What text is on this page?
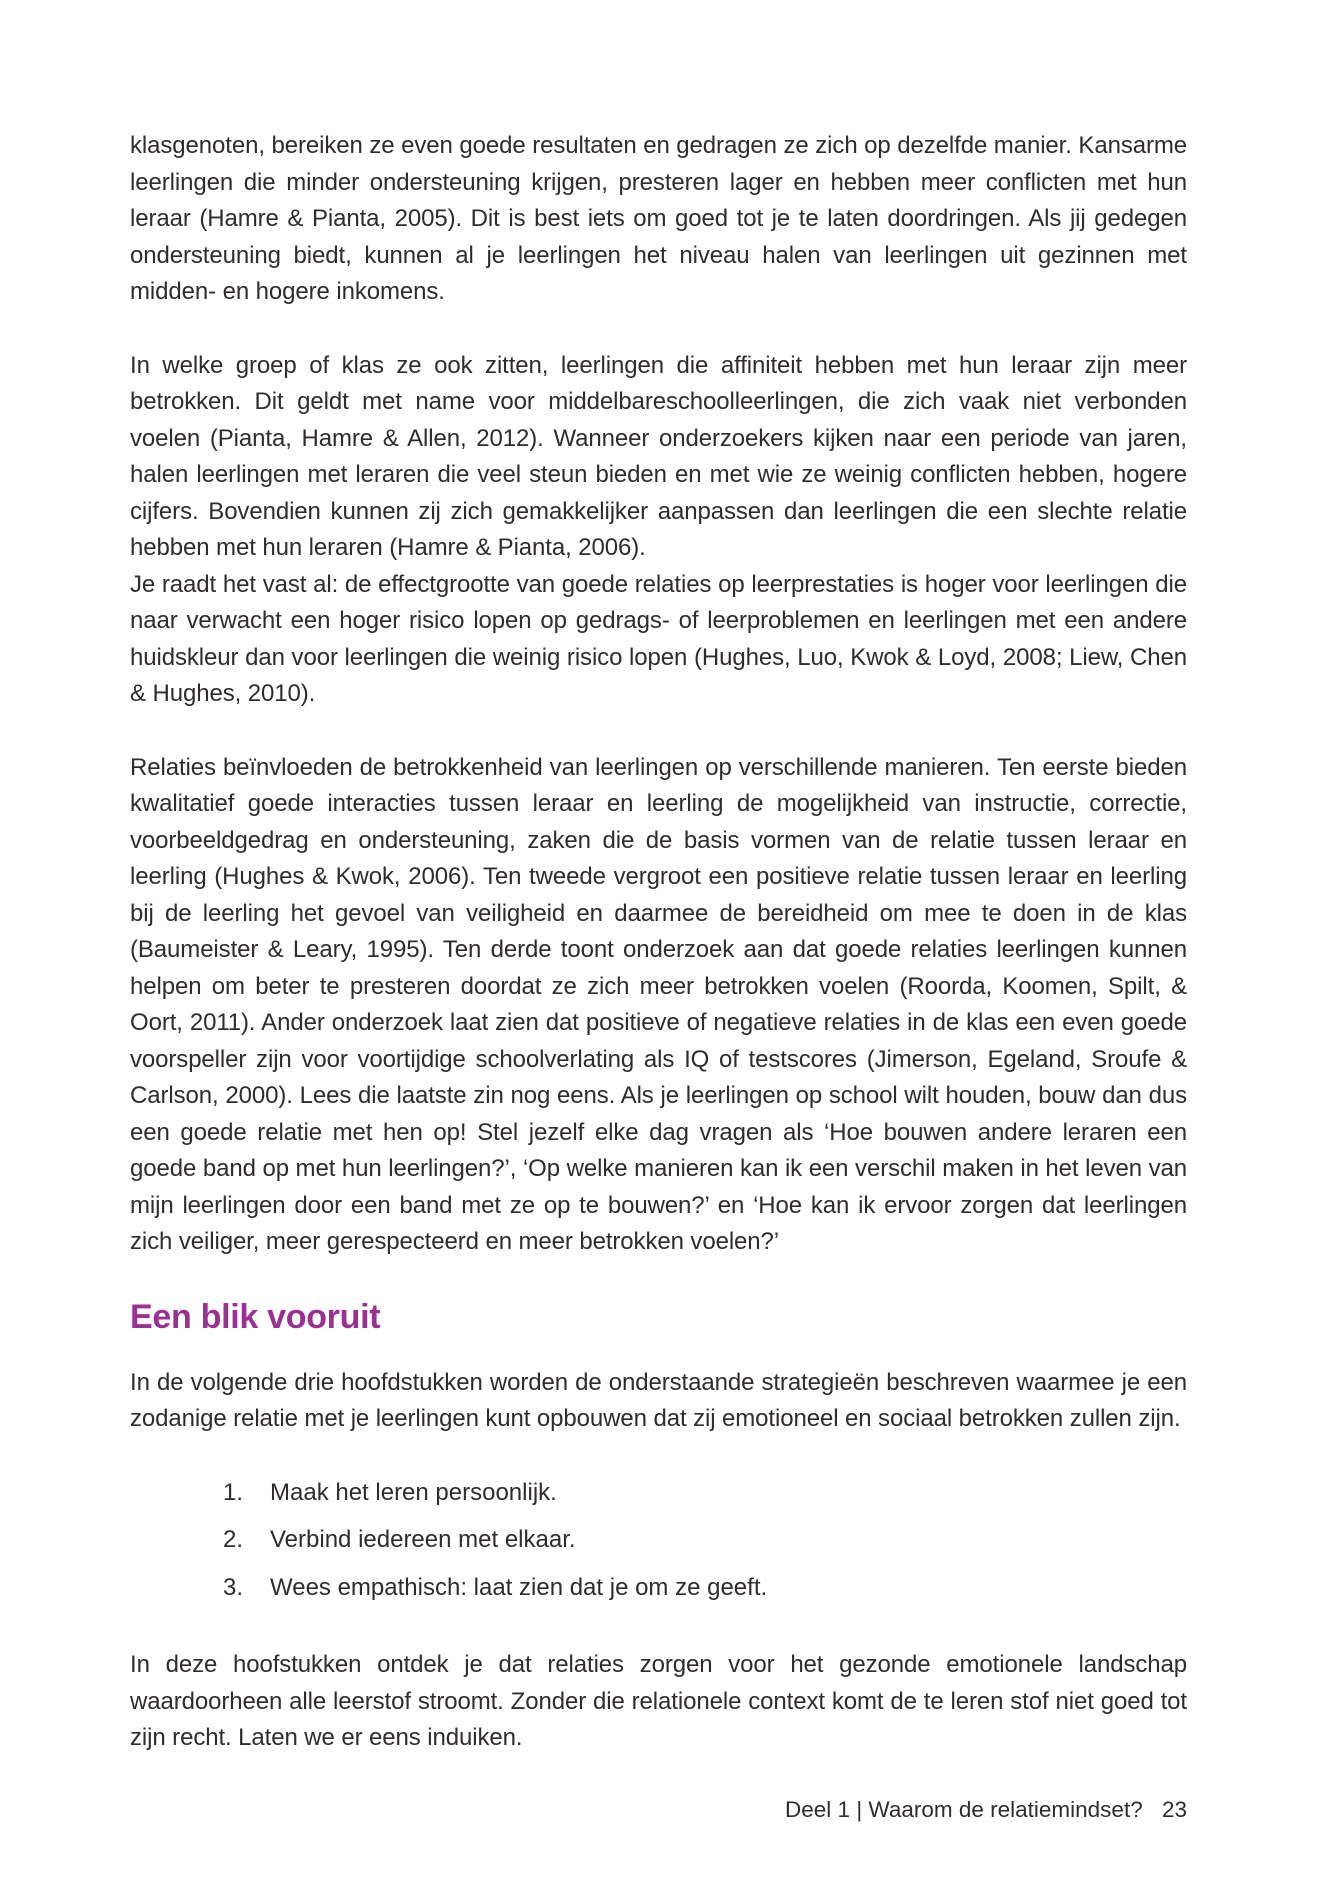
klasgenoten, bereiken ze even goede resultaten en gedragen ze zich op dezelfde manier. Kansarme leerlingen die minder ondersteuning krijgen, presteren lager en hebben meer conflicten met hun leraar (Hamre & Pianta, 2005). Dit is best iets om goed tot je te laten doordringen. Als jij gedegen ondersteuning biedt, kunnen al je leerlingen het niveau halen van leerlingen uit gezinnen met midden- en hogere inkomens.

In welke groep of klas ze ook zitten, leerlingen die affiniteit hebben met hun leraar zijn meer betrokken. Dit geldt met name voor middelbareschoolleerlingen, die zich vaak niet verbonden voelen (Pianta, Hamre & Allen, 2012). Wanneer onderzoekers kijken naar een periode van jaren, halen leerlingen met leraren die veel steun bieden en met wie ze weinig conflicten hebben, hogere cijfers. Bovendien kunnen zij zich gemakkelijker aanpassen dan leerlingen die een slechte relatie hebben met hun leraren (Hamre & Pianta, 2006).

Je raadt het vast al: de effectgrootte van goede relaties op leerprestaties is hoger voor leerlingen die naar verwacht een hoger risico lopen op gedrags- of leerproblemen en leerlingen met een andere huidskleur dan voor leerlingen die weinig risico lopen (Hughes, Luo, Kwok & Loyd, 2008; Liew, Chen & Hughes, 2010).

Relaties beïnvloeden de betrokkenheid van leerlingen op verschillende manieren. Ten eerste bieden kwalitatief goede interacties tussen leraar en leerling de mogelijkheid van instructie, correctie, voorbeeldgedrag en ondersteuning, zaken die de basis vormen van de relatie tussen leraar en leerling (Hughes & Kwok, 2006). Ten tweede vergroot een positieve relatie tussen leraar en leerling bij de leerling het gevoel van veiligheid en daarmee de bereidheid om mee te doen in de klas (Baumeister & Leary, 1995). Ten derde toont onderzoek aan dat goede relaties leerlingen kunnen helpen om beter te presteren doordat ze zich meer betrokken voelen (Roorda, Koomen, Spilt, & Oort, 2011). Ander onderzoek laat zien dat positieve of negatieve relaties in de klas een even goede voorspeller zijn voor voortijdige schoolverlating als IQ of testscores (Jimerson, Egeland, Sroufe & Carlson, 2000). Lees die laatste zin nog eens. Als je leerlingen op school wilt houden, bouw dan dus een goede relatie met hen op! Stel jezelf elke dag vragen als ‘Hoe bouwen andere leraren een goede band op met hun leerlingen?’, ‘Op welke manieren kan ik een verschil maken in het leven van mijn leerlingen door een band met ze op te bouwen?’ en ‘Hoe kan ik ervoor zorgen dat leerlingen zich veiliger, meer gerespecteerd en meer betrokken voelen?’

Een blik vooruit

In de volgende drie hoofdstukken worden de onderstaande strategieën beschreven waarmee je een zodanige relatie met je leerlingen kunt opbouwen dat zij emotioneel en sociaal betrokken zullen zijn.

1.	Maak het leren persoonlijk.
2.	Verbind iedereen met elkaar.
3.	Wees empathisch: laat zien dat je om ze geeft.

In deze hoofstukken ontdek je dat relaties zorgen voor het gezonde emotionele landschap waardoorheen alle leerstof stroomt. Zonder die relationele context komt de te leren stof niet goed tot zijn recht. Laten we er eens induiken.

Deel 1 | Waarom de relatiemindset? 23
